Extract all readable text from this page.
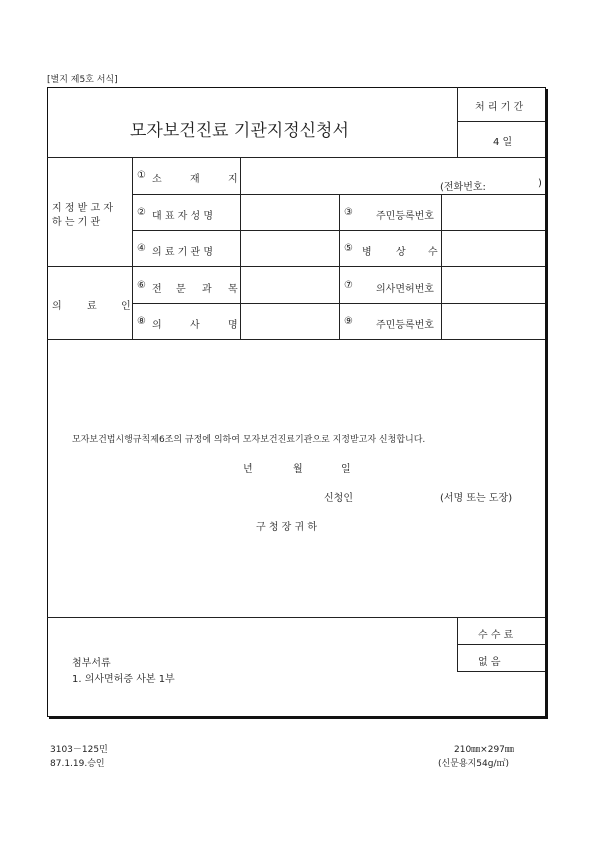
[별지 제5호 서식]
모자보건진료 기관지정신청서
처 리 기 간
4 일
지 정 받 고 자
하 는 기 관
의	료 인
① 소	재	지
(전화번호:	)
② 대 표 자 성 명	③ 주민등록번호
④ 의 료 기 관 명	⑤ 병 상 수
⑥ 전 문 과 목	⑦ 의사면허번호
⑧ 의	사	명	⑨ 주민등록번호
모자보건법시행규칙제6조의 규정에 의하여 모자보건진료기관으로 지정받고자 신청합니다.
년	월	일
신청인	(서명 또는 도장)
구 청 장 귀 하
수 수 료
없 음
첨부서류
1. 의사면허증 사본 1부
3103－125민
87.1.19.승인
210㎜×297㎜
(신문용지54g/㎡)
